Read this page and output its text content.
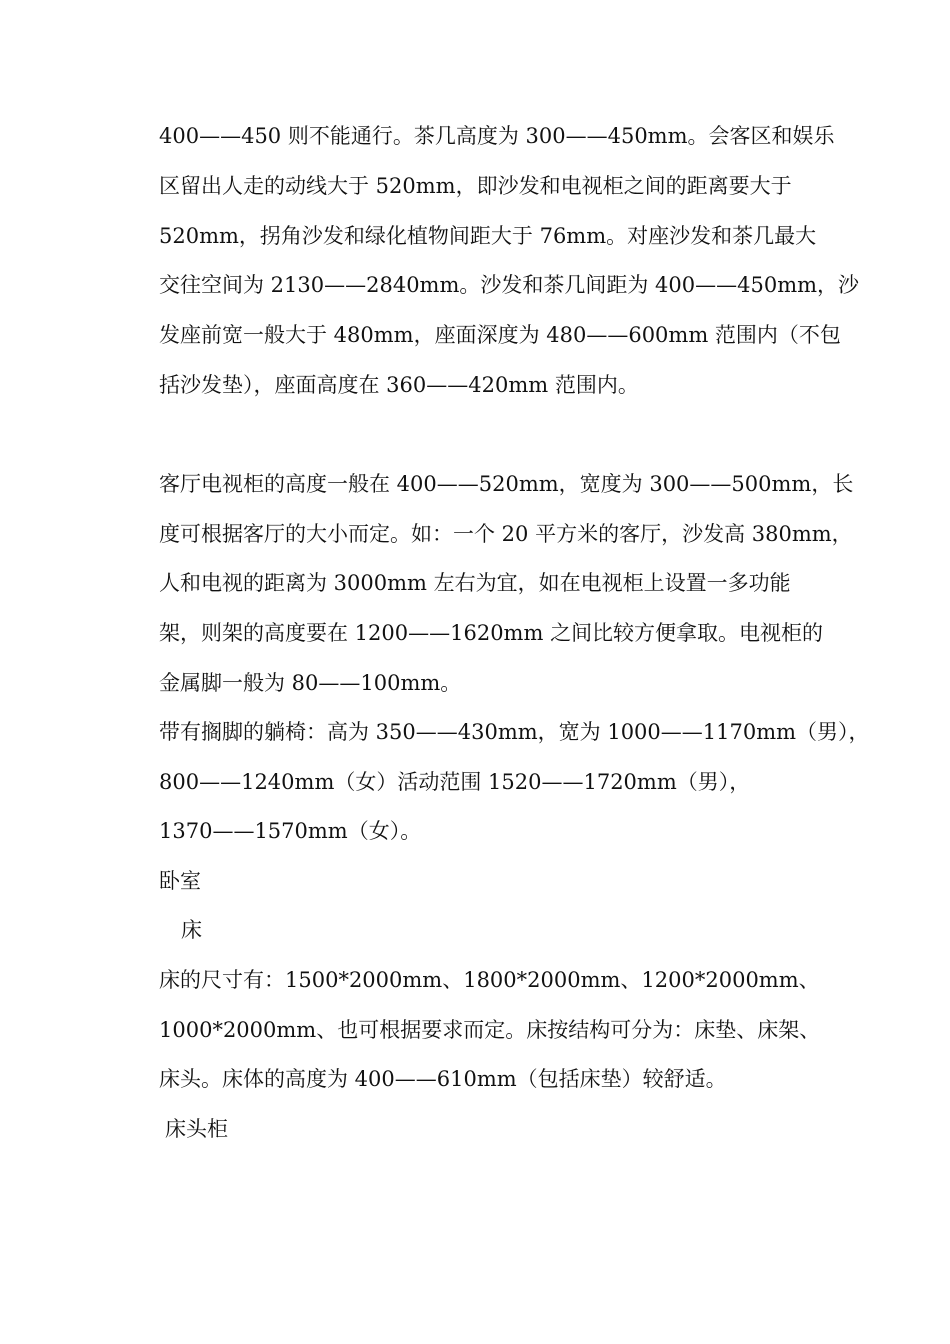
400——450 则不能通行。茶几高度为 300——450mm。会客区和娱乐
区留出人走的动线大于 520mm，即沙发和电视柜之间的距离要大于
520mm，拐角沙发和绿化植物间距大于 76mm。对座沙发和茶几最大
交往空间为 2130——2840mm。沙发和茶几间距为 400——450mm，沙
发座前宽一般大于 480mm，座面深度为 480——600mm 范围内（不包
括沙发垫），座面高度在 360——420mm 范围内。
客厅电视柜的高度一般在 400——520mm，宽度为 300——500mm，长
度可根据客厅的大小而定。如：一个 20 平方米的客厅，沙发高 380mm，
人和电视的距离为 3000mm 左右为宜，如在电视柜上设置一多功能
架，则架的高度要在 1200——1620mm 之间比较方便拿取。电视柜的
金属脚一般为 80——100mm。
带有搁脚的躺椅：高为 350——430mm，宽为 1000——1170mm（男），
800——1240mm（女）活动范围 1520——1720mm（男），
1370——1570mm（女）。
卧室
床
床的尺寸有：1500*2000mm、1800*2000mm、1200*2000mm、
1000*2000mm、也可根据要求而定。床按结构可分为：床垫、床架、
床头。床体的高度为 400——610mm（包括床垫）较舒适。
床头柜
